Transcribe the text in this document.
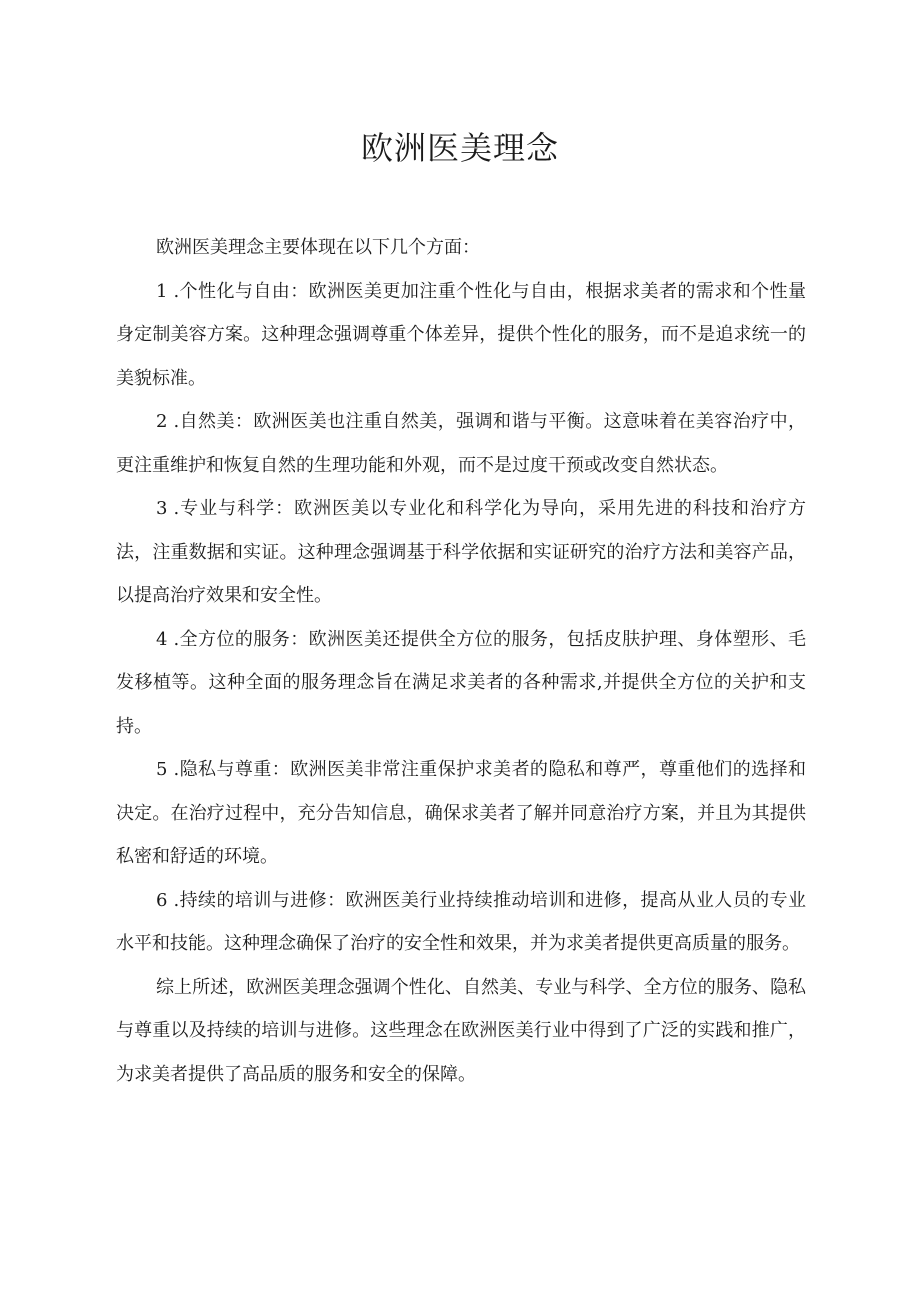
欧洲医美理念

欧洲医美理念主要体现在以下几个方面：

1 .个性化与自由：欧洲医美更加注重个性化与自由，根据求美者的需求和个性量身定制美容方案。这种理念强调尊重个体差异，提供个性化的服务，而不是追求统一的美貌标准。

2 .自然美：欧洲医美也注重自然美，强调和谐与平衡。这意味着在美容治疗中，更注重维护和恢复自然的生理功能和外观，而不是过度干预或改变自然状态。

3 .专业与科学：欧洲医美以专业化和科学化为导向，采用先进的科技和治疗方法，注重数据和实证。这种理念强调基于科学依据和实证研究的治疗方法和美容产品，以提高治疗效果和安全性。

4 .全方位的服务：欧洲医美还提供全方位的服务，包括皮肤护理、身体塑形、毛发移植等。这种全面的服务理念旨在满足求美者的各种需求,并提供全方位的关护和支持。

5 .隐私与尊重：欧洲医美非常注重保护求美者的隐私和尊严，尊重他们的选择和决定。在治疗过程中，充分告知信息，确保求美者了解并同意治疗方案，并且为其提供私密和舒适的环境。

6 .持续的培训与进修：欧洲医美行业持续推动培训和进修，提高从业人员的专业水平和技能。这种理念确保了治疗的安全性和效果，并为求美者提供更高质量的服务。

综上所述，欧洲医美理念强调个性化、自然美、专业与科学、全方位的服务、隐私与尊重以及持续的培训与进修。这些理念在欧洲医美行业中得到了广泛的实践和推广，为求美者提供了高品质的服务和安全的保障。
